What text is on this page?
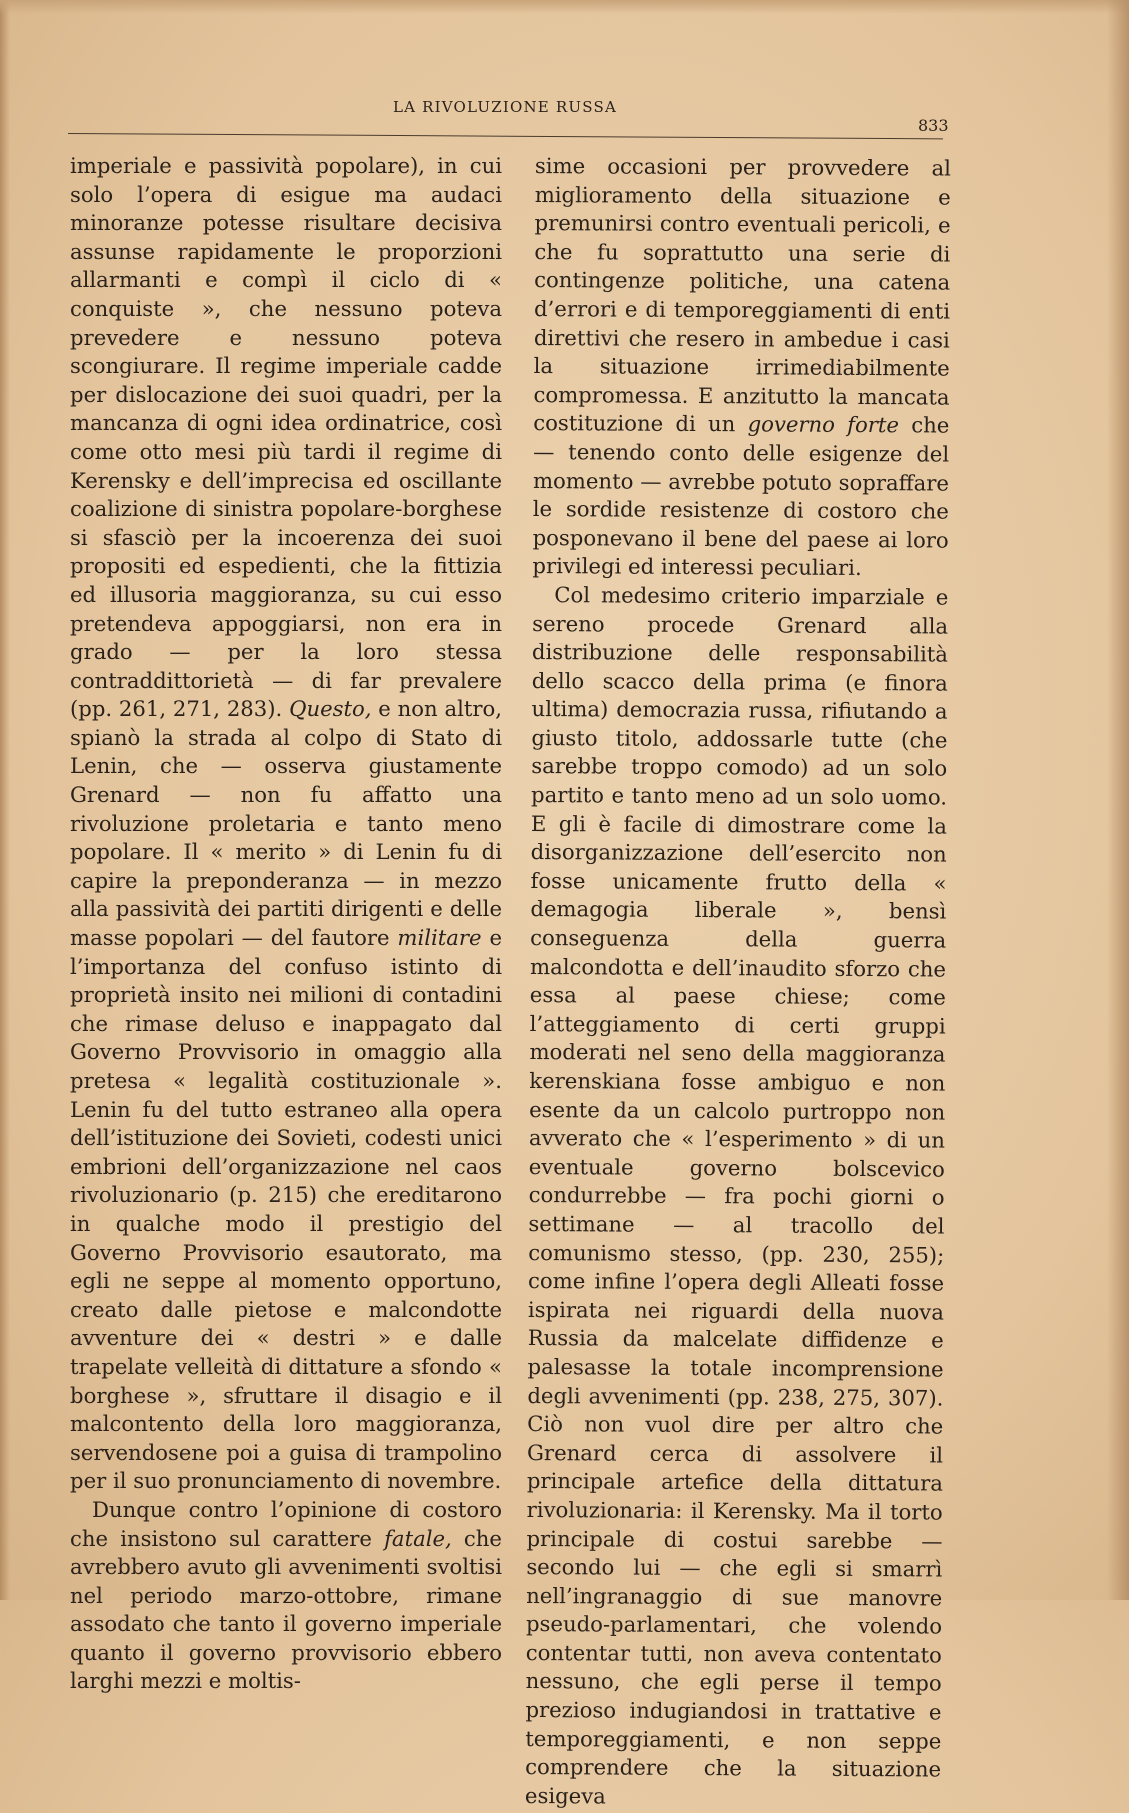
LA RIVOLUZIONE RUSSA
833

imperiale e passività popolare), in cui solo l’opera di esigue ma audaci minoranze potesse risultare decisiva assunse rapidamente le proporzioni allarmanti e compì il ciclo di « conquiste », che nessuno poteva prevedere e nessuno poteva scongiurare. Il regime imperiale cadde per dislocazione dei suoi quadri, per la mancanza di ogni idea ordinatrice, così come otto mesi più tardi il regime di Kerensky e dell’imprecisa ed oscillante coalizione di sinistra popolare-borghese si sfasciò per la incoerenza dei suoi propositi ed espedienti, che la fittizia ed illusoria maggioranza, su cui esso pretendeva appoggiarsi, non era in grado — per la loro stessa contraddittorietà — di far prevalere (pp. 261, 271, 283). Questo, e non altro, spianò la strada al colpo di Stato di Lenin, che — osserva giustamente Grenard — non fu affatto una rivoluzione proletaria e tanto meno popolare. Il « merito » di Lenin fu di capire la preponderanza — in mezzo alla passività dei partiti dirigenti e delle masse popolari — del fautore militare e l’importanza del confuso istinto di proprietà insito nei milioni di contadini che rimase deluso e inappagato dal Governo Provvisorio in omaggio alla pretesa « legalità costituzionale ». Lenin fu del tutto estraneo alla opera dell’istituzione dei Sovieti, codesti unici embrioni dell’organizzazione nel caos rivoluzionario (p. 215) che ereditarono in qualche modo il prestigio del Governo Provvisorio esautorato, ma egli ne seppe al momento opportuno, creato dalle pietose e malcondotte avventure dei « destri » e dalle trapelate velleità di dittature a sfondo « borghese », sfruttare il disagio e il malcontento della loro maggioranza, servendosene poi a guisa di trampolino per il suo pronunciamento di novembre.

Dunque contro l’opinione di costoro che insistono sul carattere fatale, che avrebbero avuto gli avvenimenti svoltisi nel periodo marzo-ottobre, rimane assodato che tanto il governo imperiale quanto il governo provvisorio ebbero larghi mezzi e moltis-

sime occasioni per provvedere al miglioramento della situazione e premunirsi contro eventuali pericoli, e che fu soprattutto una serie di contingenze politiche, una catena d’errori e di temporeggiamenti di enti direttivi che resero in ambedue i casi la situazione irrimediabilmente compromessa. E anzitutto la mancata costituzione di un governo forte che — tenendo conto delle esigenze del momento — avrebbe potuto sopraffare le sordide resistenze di costoro che posponevano il bene del paese ai loro privilegi ed interessi peculiari.

Col medesimo criterio imparziale e sereno procede Grenard alla distribuzione delle responsabilità dello scacco della prima (e finora ultima) democrazia russa, rifiutando a giusto titolo, addossarle tutte (che sarebbe troppo comodo) ad un solo partito e tanto meno ad un solo uomo. E gli è facile di dimostrare come la disorganizzazione dell’esercito non fosse unicamente frutto della « demagogia liberale », bensì conseguenza della guerra malcondotta e dell’inaudito sforzo che essa al paese chiese; come l’atteggiamento di certi gruppi moderati nel seno della maggioranza kerenskiana fosse ambiguo e non esente da un calcolo purtroppo non avverato che « l’esperimento » di un eventuale governo bolscevico condurrebbe — fra pochi giorni o settimane — al tracollo del comunismo stesso, (pp. 230, 255); come infine l’opera degli Alleati fosse ispirata nei riguardi della nuova Russia da malcelate diffidenze e palesasse la totale incomprensione degli avvenimenti (pp. 238, 275, 307). Ciò non vuol dire per altro che Grenard cerca di assolvere il principale artefice della dittatura rivoluzionaria: il Kerensky. Ma il torto principale di costui sarebbe — secondo lui — che egli si smarrì nell’ingranaggio di sue manovre pseudo-parlamentari, che volendo contentar tutti, non aveva contentato nessuno, che egli perse il tempo prezioso indugiandosi in trattative e temporeggiamenti, e non seppe comprendere che la situazione esigeva
